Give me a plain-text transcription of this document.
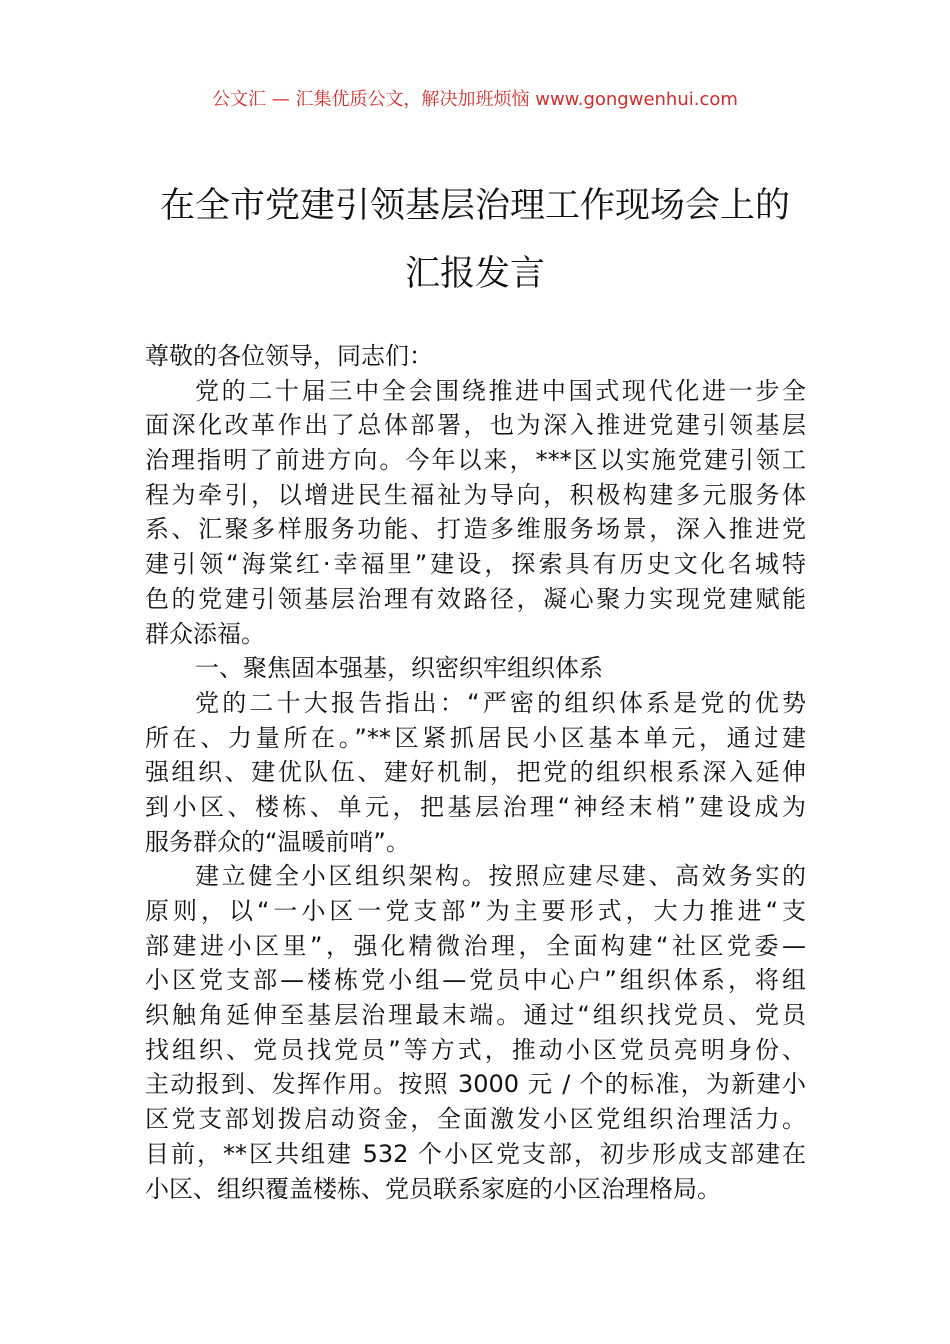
公文汇 — 汇集优质公文，解决加班烦恼 www.gongwenhui.com
在全市党建引领基层治理工作现场会上的
汇报发言
尊敬的各位领导，同志们：
党的二十届三中全会围绕推进中国式现代化进一步全
面深化改革作出了总体部署，也为深入推进党建引领基层
治理指明了前进方向。今年以来，***区以实施党建引领工
程为牵引，以增进民生福祉为导向，积极构建多元服务体
系、汇聚多样服务功能、打造多维服务场景，深入推进党
建引领“海棠红·幸福里”建设，探索具有历史文化名城特
色的党建引领基层治理有效路径，凝心聚力实现党建赋能
群众添福。
一、聚焦固本强基，织密织牢组织体系
党的二十大报告指出：“严密的组织体系是党的优势
所在、力量所在。”**区紧抓居民小区基本单元，通过建
强组织、建优队伍、建好机制，把党的组织根系深入延伸
到小区、楼栋、单元，把基层治理“神经末梢”建设成为
服务群众的“温暖前哨”。
建立健全小区组织架构。按照应建尽建、高效务实的
原则，以“一小区一党支部”为主要形式，大力推进“支
部建进小区里”，强化精微治理，全面构建“社区党委—
小区党支部—楼栋党小组—党员中心户”组织体系，将组
织触角延伸至基层治理最末端。通过“组织找党员、党员
找组织、党员找党员”等方式，推动小区党员亮明身份、
主动报到、发挥作用。按照 3000 元 / 个的标准，为新建小
区党支部划拨启动资金，全面激发小区党组织治理活力。
目前，**区共组建 532 个小区党支部，初步形成支部建在
小区、组织覆盖楼栋、党员联系家庭的小区治理格局。
